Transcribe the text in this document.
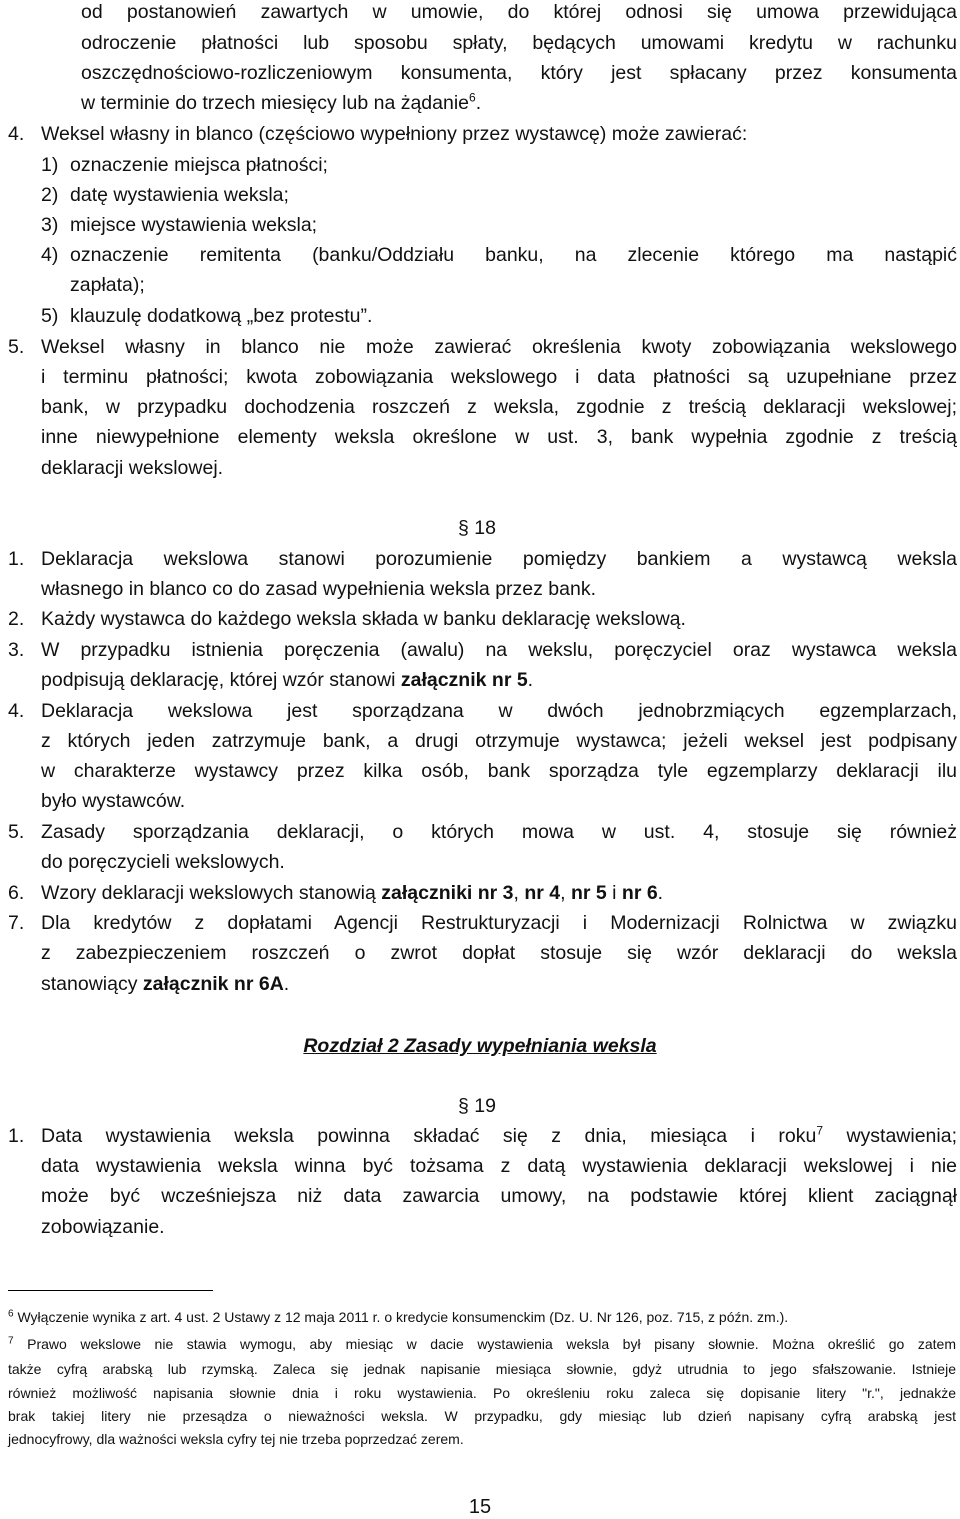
od postanowień zawartych w umowie, do której odnosi się umowa przewidująca
odroczenie płatności lub sposobu spłaty, będących umowami kredytu w rachunku
oszczędnościowo-rozliczeniowym konsumenta, który jest spłacany przez konsumenta
w terminie do trzech miesięcy lub na żądanie$^6$.
4. Weksel własny in blanco (częściowo wypełniony przez wystawcę) może zawierać:
1) oznaczenie miejsca płatności;
2) datę wystawienia weksla;
3) miejsce wystawienia weksla;
4) oznaczenie remitenta (banku/Oddziału banku, na zlecenie którego ma nastąpić
zapłata);
5) klauzulę dodatkową „bez protestu”.
5. Weksel własny in blanco nie może zawierać określenia kwoty zobowiązania wekslowego
i terminu płatności; kwota zobowiązania wekslowego i data płatności są uzupełniane przez
bank, w przypadku dochodzenia roszczeń z weksla, zgodnie z treścią deklaracji wekslowej;
inne niewypełnione elementy weksla określone w ust. 3, bank wypełnia zgodnie z treścią
deklaracji wekslowej.
§ 18
1. Deklaracja wekslowa stanowi porozumienie pomiędzy bankiem a wystawcą weksla
własnego in blanco co do zasad wypełnienia weksla przez bank.
2. Każdy wystawca do każdego weksla składa w banku deklarację wekslową.
3. W przypadku istnienia poręczenia (awalu) na wekslu, poręczyciel oraz wystawca weksla
podpisują deklarację, której wzór stanowi załącznik nr 5.
4. Deklaracja wekslowa jest sporządzana w dwóch jednobrzmiących egzemplarzach,
z których jeden zatrzymuje bank, a drugi otrzymuje wystawca; jeżeli weksel jest podpisany
w charakterze wystawcy przez kilka osób, bank sporządza tyle egzemplarzy deklaracji ilu
było wystawców.
5. Zasady sporządzania deklaracji, o których mowa w ust. 4, stosuje się również
do poręczycieli wekslowych.
6. Wzory deklaracji wekslowych stanowią załączniki nr 3, nr 4, nr 5 i nr 6.
7. Dla kredytów z dopłatami Agencji Restrukturyzacji i Modernizacji Rolnictwa w związku
z zabezpieczeniem roszczeń o zwrot dopłat stosuje się wzór deklaracji do weksla
stanowiący załącznik nr 6A.
Rozdział 2 Zasady wypełniania weksla
§ 19
1. Data wystawienia weksla powinna składać się z dnia, miesiąca i roku$^7$ wystawienia;
data wystawienia weksla winna być tożsama z datą wystawienia deklaracji wekslowej i nie
może być wcześniejsza niż data zawarcia umowy, na podstawie której klient zaciągnął
zobowiązanie.
$^6$ Wyłączenie wynika z art. 4 ust. 2 Ustawy z 12 maja 2011 r. o kredycie konsumenckim (Dz. U. Nr 126, poz. 715, z późn. zm.).
$^7$ Prawo wekslowe nie stawia wymogu, aby miesiąc w dacie wystawienia weksla był pisany słownie. Można określić go zatem
także cyfrą arabską lub rzymską. Zaleca się jednak napisanie miesiąca słownie, gdyż utrudnia to jego sfałszowanie. Istnieje
również możliwość napisania słownie dnia i roku wystawienia. Po określeniu roku zaleca się dopisanie litery "r.", jednakże
brak takiej litery nie przesądza o nieważności weksla. W przypadku, gdy miesiąc lub dzień napisany cyfrą arabską jest
jednocyfrowy, dla ważności weksla cyfry tej nie trzeba poprzedzać zerem.
15
